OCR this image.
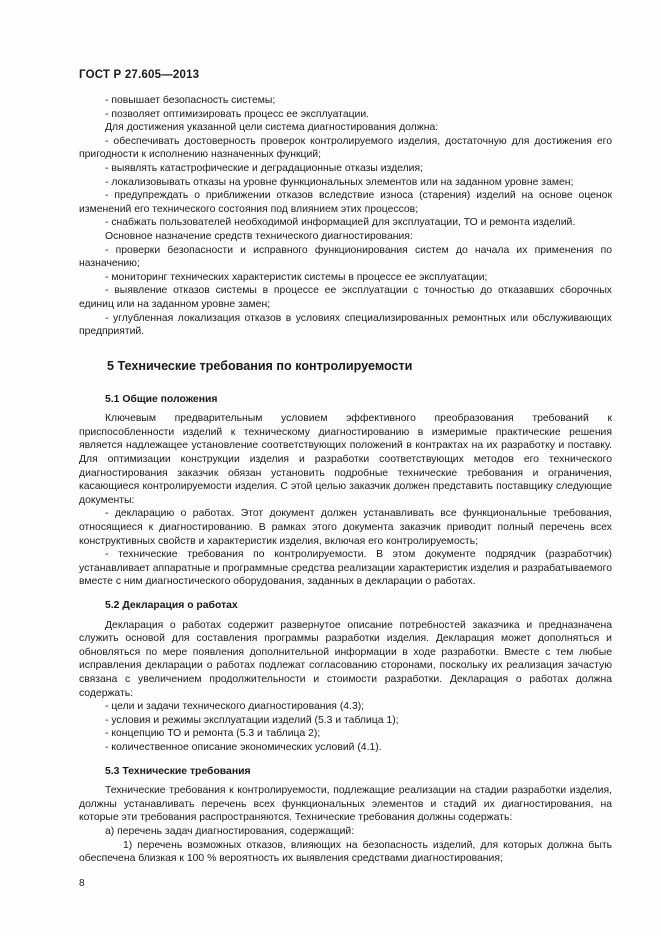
ГОСТ Р 27.605—2013

- повышает безопасность системы;

- позволяет оптимизировать процесс ее эксплуатации.

Для достижения указанной цели система диагностирования должна:

- обеспечивать достоверность проверок контролируемого изделия, достаточную для достижения его пригодности к исполнению назначенных функций;

- выявлять катастрофические и деградационные отказы изделия;

- локализовывать отказы на уровне функциональных элементов или на заданном уровне замен;

- предупреждать о приближении отказов вследствие износа (старения) изделий на основе оценок изменений его технического состояния под влиянием этих процессов;

- снабжать пользователей необходимой информацией для эксплуатации, ТО и ремонта изделий.

Основное назначение средств технического диагностирования:

- проверки безопасности и исправного функционирования систем до начала их применения по назначению;

- мониторинг технических характеристик системы в процессе ее эксплуатации;

- выявление отказов системы в процессе ее эксплуатации с точностью до отказавших сборочных единиц или на заданном уровне замен;

- углубленная локализация отказов в условиях специализированных ремонтных или обслуживающих предприятий.

5 Технические требования по контролируемости

5.1 Общие положения

Ключевым предварительным условием эффективного преобразования требований к приспособленности изделий к техническому диагностированию в измеримые практические решения является надлежащее установление соответствующих положений в контрактах на их разработку и поставку. Для оптимизации конструкции изделия и разработки соответствующих методов его технического диагностирования заказчик обязан установить подробные технические требования и ограничения, касающиеся контролируемости изделия. С этой целью заказчик должен представить поставщику следующие документы:

- декларацию о работах. Этот документ должен устанавливать все функциональные требования, относящиеся к диагностированию. В рамках этого документа заказчик приводит полный перечень всех конструктивных свойств и характеристик изделия, включая его контролируемость;

- технические требования по контролируемости. В этом документе подрядчик (разработчик) устанавливает аппаратные и программные средства реализации характеристик изделия и разрабатываемого вместе с ним диагностического оборудования, заданных в декларации о работах.

5.2 Декларация о работах

Декларация о работах содержит развернутое описание потребностей заказчика и предназначена служить основой для составления программы разработки изделия. Декларация может дополняться и обновляться по мере появления дополнительной информации в ходе разработки. Вместе с тем любые исправления декларации о работах подлежат согласованию сторонами, поскольку их реализация зачастую связана с увеличением продолжительности и стоимости разработки. Декларация о работах должна содержать:

- цели и задачи технического диагностирования (4.3);

- условия и режимы эксплуатации изделий (5.3 и таблица 1);

- концепцию ТО и ремонта (5.3 и таблица 2);

- количественное описание экономических условий (4.1).

5.3 Технические требования

Технические требования к контролируемости, подлежащие реализации на стадии разработки изделия, должны устанавливать перечень всех функциональных элементов и стадий их диагностирования, на которые эти требования распространяются. Технические требования должны содержать:

а) перечень задач диагностирования, содержащий:

1) перечень возможных отказов, влияющих на безопасность изделий, для которых должна быть обеспечена близкая к 100 % вероятность их выявления средствами диагностирования;

8
